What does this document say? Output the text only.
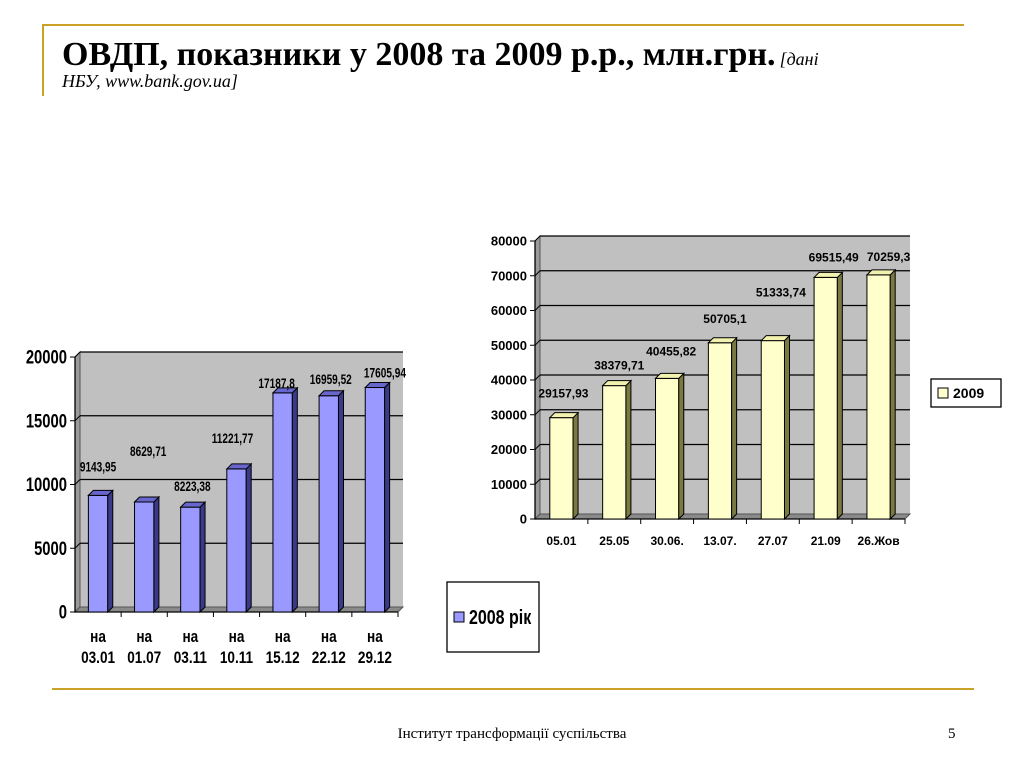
ОВДП, показники у 2008 та 2009 р.р., млн.грн. [дані
НБУ, www.bank.gov.ua]
0
5000
10000
15000
20000
9143,95
на
03.01
8629,71
на
01.07
8223,38
на
03.11
11221,77
на
10.11
17187,8
на
15.12
16959,52
на
22.12
17605,94
на
29.12
2008 рік
0
10000
20000
30000
40000
50000
60000
70000
80000
29157,93
05.01
38379,71
25.05
40455,82
30.06.
50705,1
13.07.
51333,74
27.07
69515,49
21.09
70259,3
26.Жов
2009
Інститут трансформації суспільства	5
